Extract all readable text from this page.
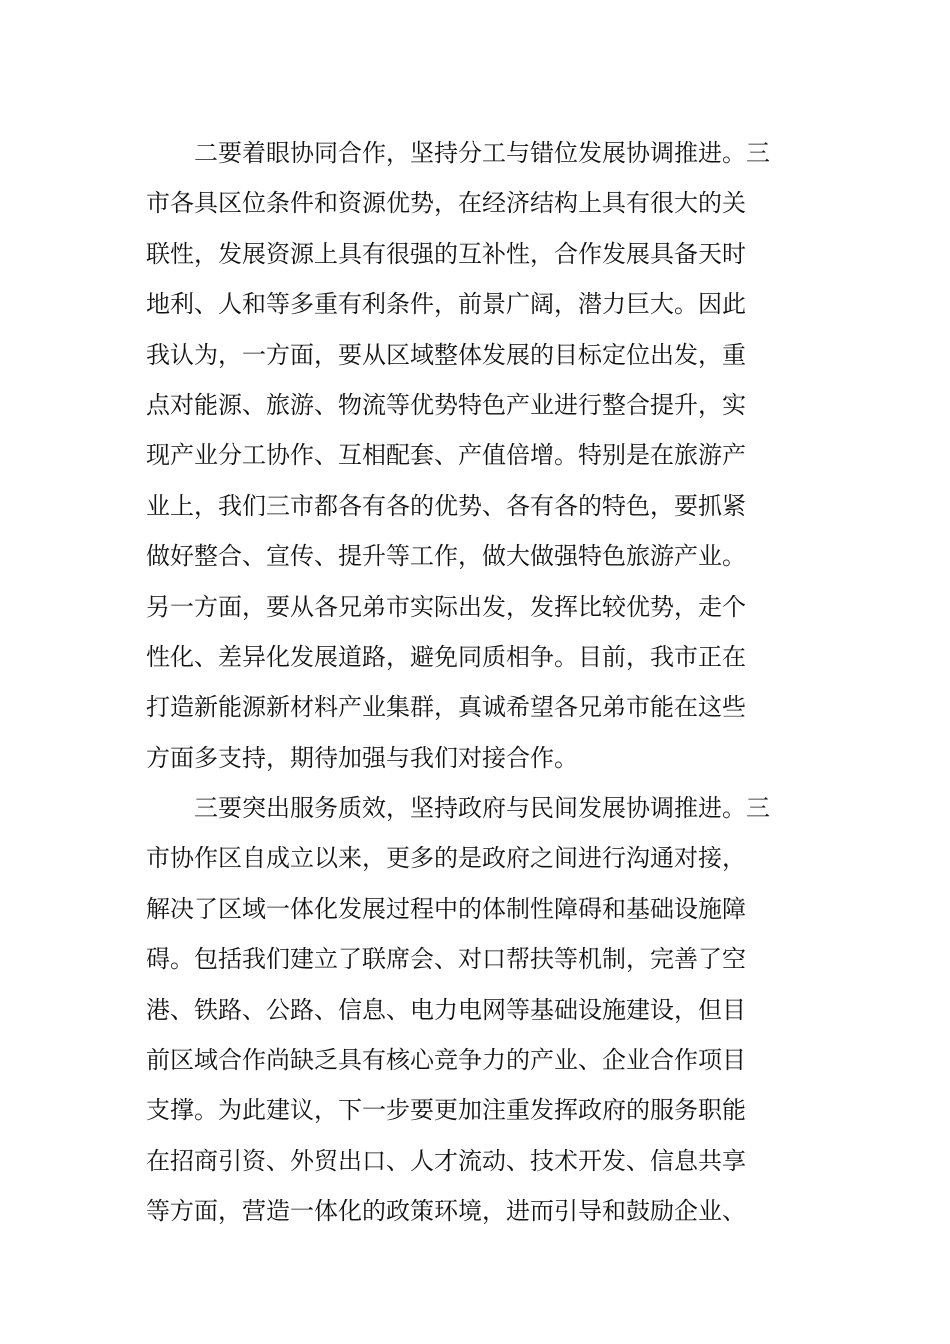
　　二要着眼协同合作，坚持分工与错位发展协调推进。三
市各具区位条件和资源优势，在经济结构上具有很大的关
联性，发展资源上具有很强的互补性，合作发展具备天时
地利、人和等多重有利条件，前景广阔，潜力巨大。因此
我认为，一方面，要从区域整体发展的目标定位出发，重
点对能源、旅游、物流等优势特色产业进行整合提升，实
现产业分工协作、互相配套、产值倍增。特别是在旅游产
业上，我们三市都各有各的优势、各有各的特色，要抓紧
做好整合、宣传、提升等工作，做大做强特色旅游产业。
另一方面，要从各兄弟市实际出发，发挥比较优势，走个
性化、差异化发展道路，避免同质相争。目前，我市正在
打造新能源新材料产业集群，真诚希望各兄弟市能在这些
方面多支持，期待加强与我们对接合作。
　　三要突出服务质效，坚持政府与民间发展协调推进。三
市协作区自成立以来，更多的是政府之间进行沟通对接，
解决了区域一体化发展过程中的体制性障碍和基础设施障
碍。包括我们建立了联席会、对口帮扶等机制，完善了空
港、铁路、公路、信息、电力电网等基础设施建设，但目
前区域合作尚缺乏具有核心竞争力的产业、企业合作项目
支撑。为此建议，下一步要更加注重发挥政府的服务职能
在招商引资、外贸出口、人才流动、技术开发、信息共享
等方面，营造一体化的政策环境，进而引导和鼓励企业、
